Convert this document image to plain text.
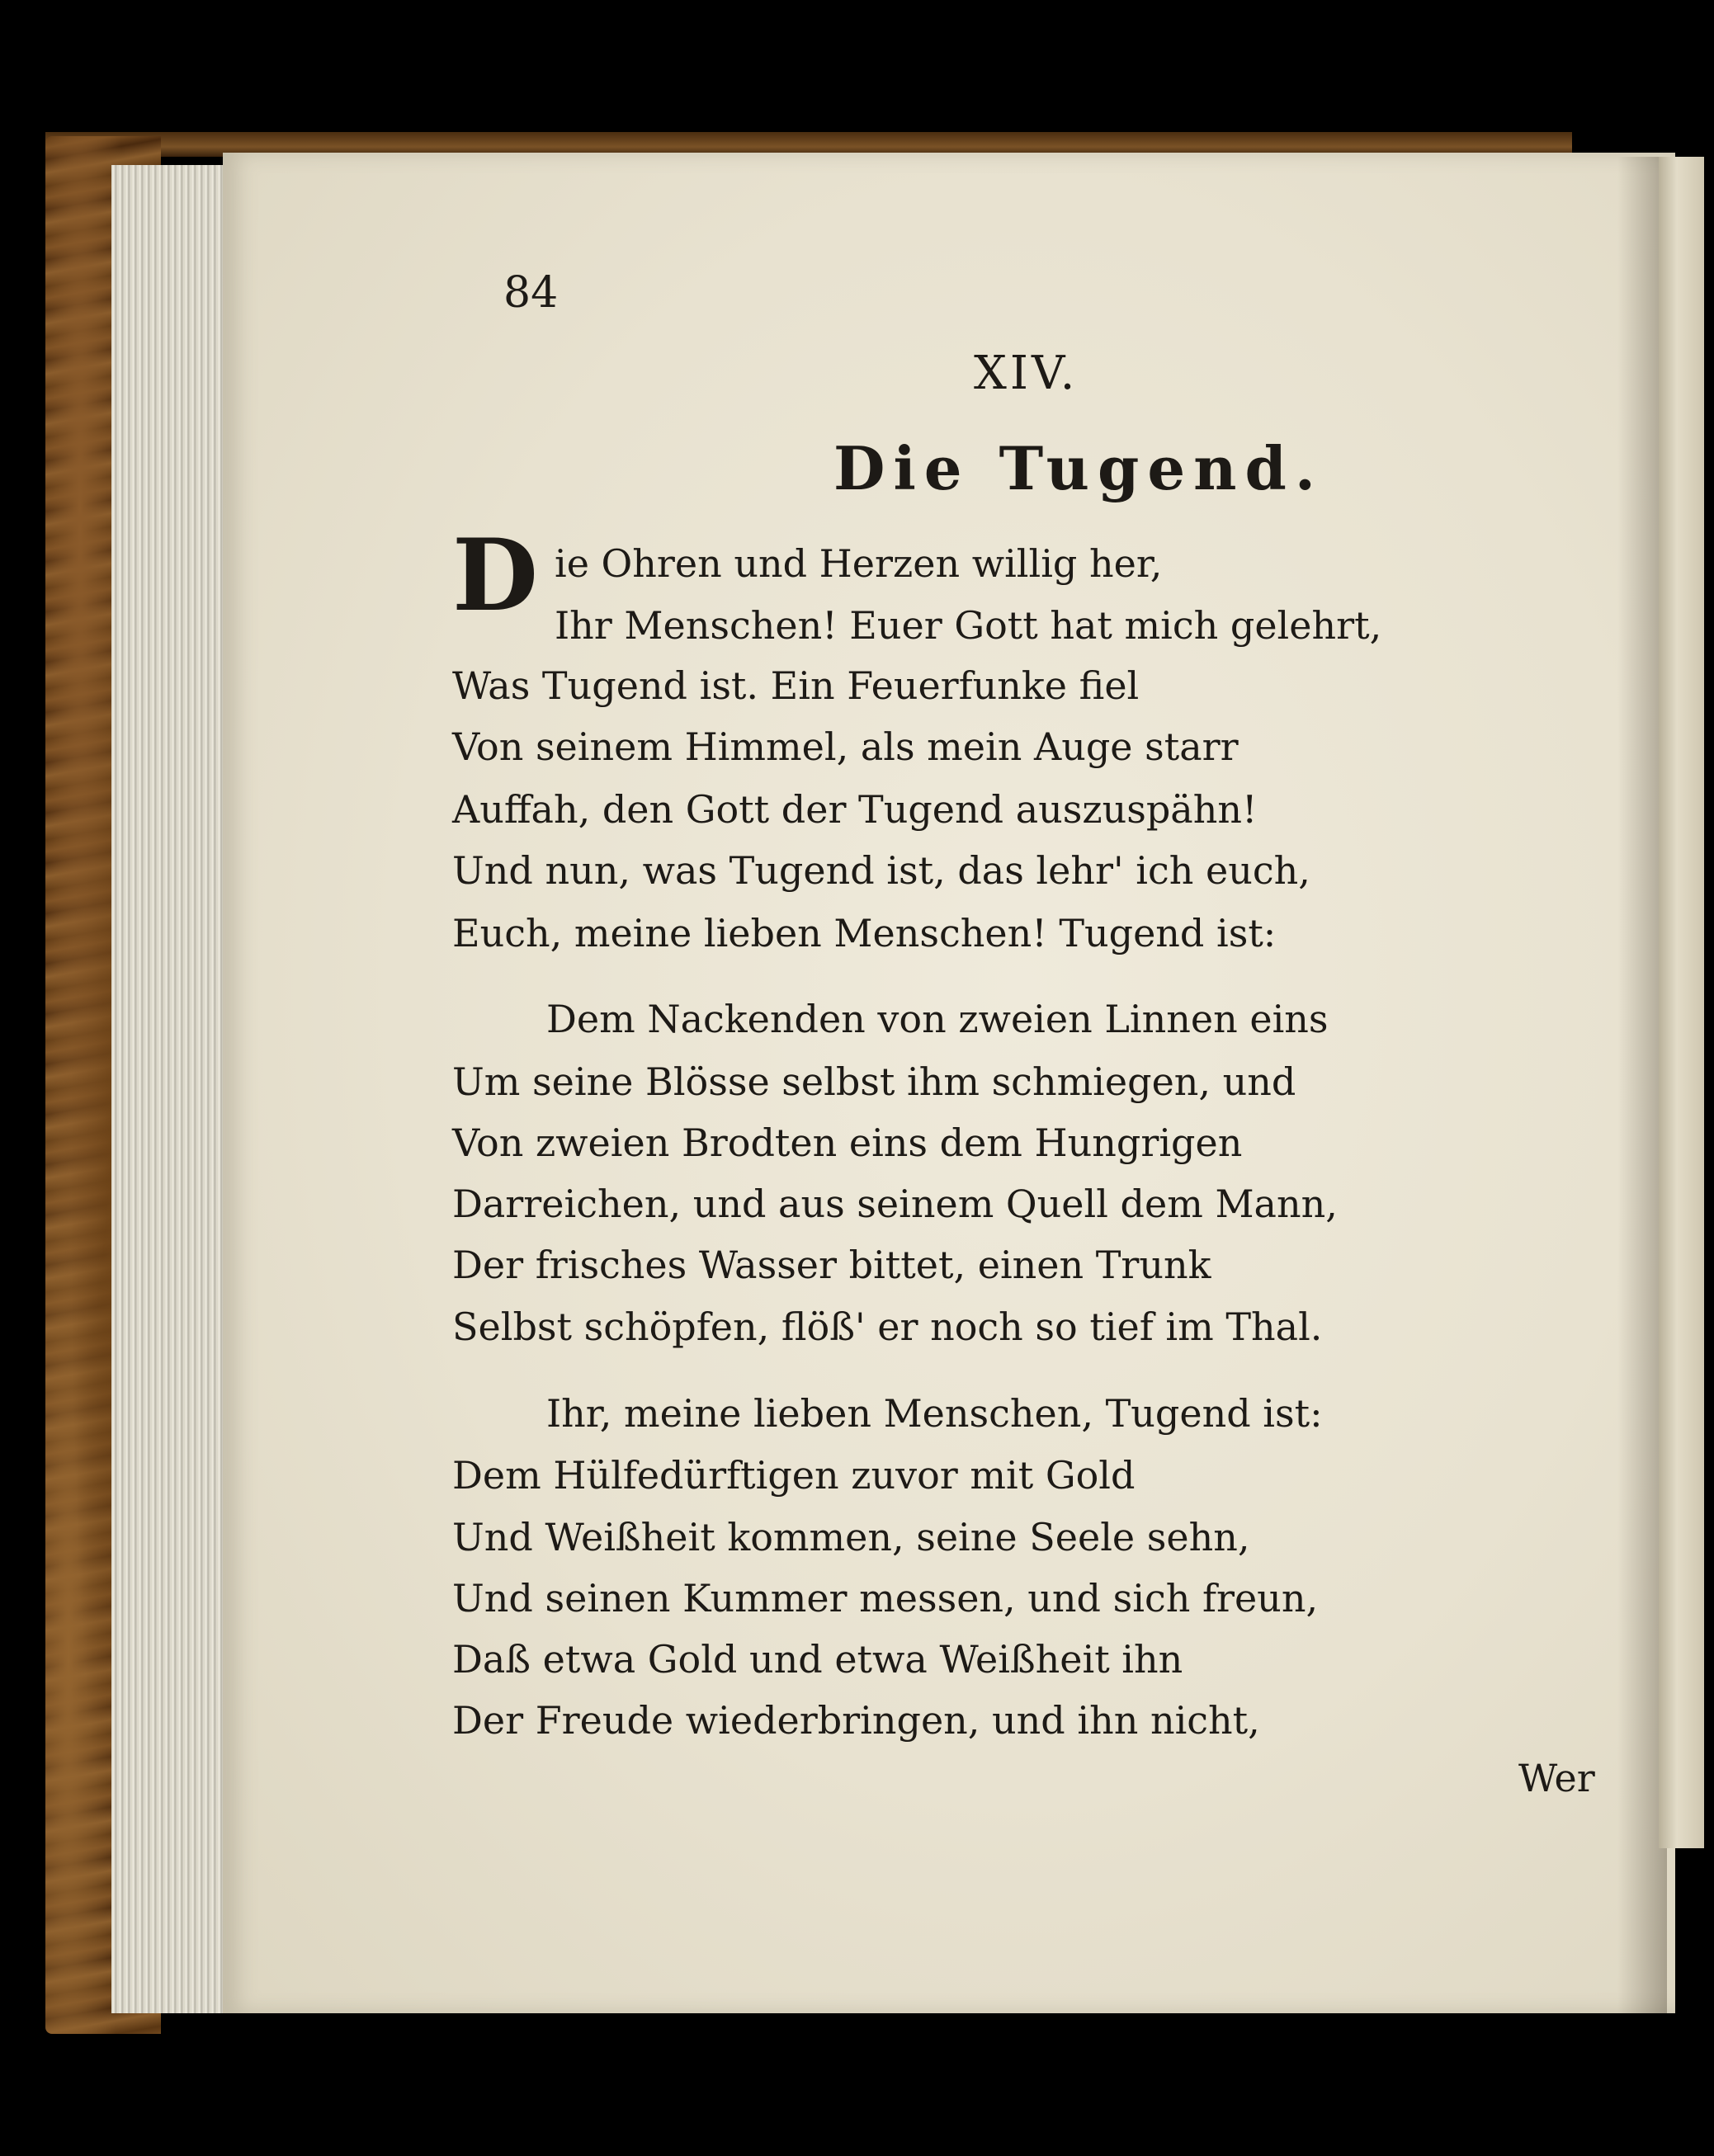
84
XIV.
Die Tugend.
D ie Ohren und Herzen willig her,
Ihr Menschen! Euer Gott hat mich gelehrt,
Was Tugend ist. Ein Feuerfunke fiel
Von seinem Himmel, als mein Auge starr
Auffah, den Gott der Tugend auszuspähn!
Und nun, was Tugend ist, das lehr' ich euch,
Euch, meine lieben Menschen! Tugend ist:
Dem Nackenden von zweien Linnen eins
Um seine Blösse selbst ihm schmiegen, und
Von zweien Brodten eins dem Hungrigen
Darreichen, und aus seinem Quell dem Mann,
Der frisches Wasser bittet, einen Trunk
Selbst schöpfen, flöß' er noch so tief im Thal.
Ihr, meine lieben Menschen, Tugend ist:
Dem Hülfedürftigen zuvor mit Gold
Und Weißheit kommen, seine Seele sehn,
Und seinen Kummer messen, und sich freun,
Daß etwa Gold und etwa Weißheit ihn
Der Freude wiederbringen, und ihn nicht,
Wer
